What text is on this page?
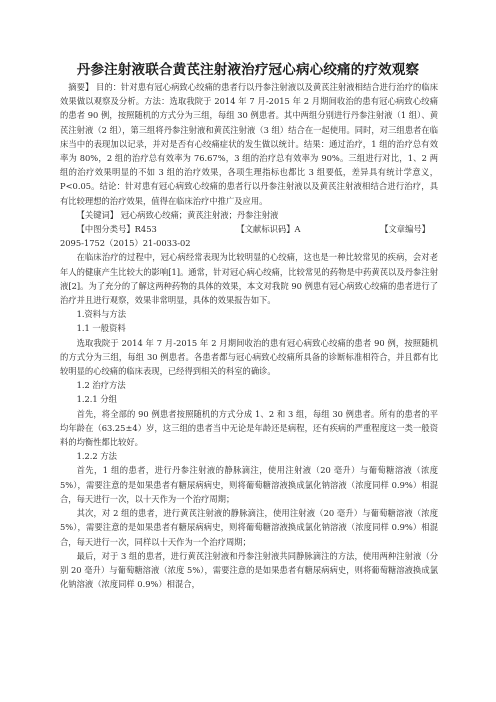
丹参注射液联合黄芪注射液治疗冠心病心绞痛的疗效观察

摘要】 目的：针对患有冠心病致心绞痛的患者行以丹参注射液以及黄芪注射液相结合进行治疗的临床效果做以观察及分析。方法：选取我院于 2014 年 7 月-2015 年 2 月期间收治的患有冠心病致心绞痛的患者 90 例，按照随机的方式分为三组，每组 30 例患者。其中两组分别进行丹参注射液（1 组）、黄芪注射液（2 组），第三组将丹参注射液和黄芪注射液（3 组）结合在一起使用。同时，对三组患者在临床当中的表现加以记录，并对是否有心绞痛症状的发生做以统计。结果：通过治疗，1 组的治疗总有效率为 80%，2 组的治疗总有效率为 76.67%，3 组的治疗总有效率为 90%。三组进行对比，1、2 两组的治疗效果明显的不如 3 组的治疗效果，各项生理指标也都比 3 组要低，差异具有统计学意义，P<0.05。结论：针对患有冠心病致心绞痛的患者行以丹参注射液以及黄芪注射液相结合进行治疗，具有比较理想的治疗效果，值得在临床治疗中推广及应用。

【关键词】 冠心病致心绞痛；黄芪注射液；丹参注射液

【中图分类号】R453	【文献标识码】A	【文章编号】

2095-1752（2015）21-0033-02

在临床治疗的过程中，冠心病经常表现为比较明显的心绞痛，这也是一种比较常见的疾病，会对老年人的健康产生比较大的影响[1]。通常，针对冠心病心绞痛，比较常见的药物是中药黄芪以及丹参注射液[2]。为了充分的了解这两种药物的具体的效果，本文对我院 90 例患有冠心病致心绞痛的患者进行了治疗并且进行观察，效果非常明显，具体的效果报告如下。

1.资料与方法

1.1 一般资料

选取我院于 2014 年 7 月-2015 年 2 月期间收治的患有冠心病致心绞痛的患者 90 例，按照随机的方式分为三组，每组 30 例患者。各患者都与冠心病致心绞痛所具备的诊断标准相符合，并且都有比较明显的心绞痛的临床表现，已经得到相关的科室的确诊。

1.2 治疗方法

1.2.1 分组

首先，将全部的 90 例患者按照随机的方式分成 1、2 和 3 组，每组 30 例患者。所有的患者的平均年龄在（63.25±4）岁，这三组的患者当中无论是年龄还是病程，还有疾病的严重程度这一类一般资料的均衡性都比较好。

1.2.2 方法

首先，1 组的患者，进行丹参注射液的静脉滴注，使用注射液（20 毫升）与葡萄糖溶液（浓度 5%），需要注意的是如果患者有糖尿病病史，则将葡萄糖溶液换成氯化钠溶液（浓度同样 0.9%）相混合，每天进行一次，以十天作为一个治疗周期；

其次，对 2 组的患者，进行黄芪注射液的静脉滴注，使用注射液（20 毫升）与葡萄糖溶液（浓度 5%），需要注意的是如果患者有糖尿病病史，则将葡萄糖溶液换成氯化钠溶液（浓度同样 0.9%）相混合，每天进行一次，同样以十天作为一个治疗周期；

最后，对于 3 组的患者，进行黄芪注射液和丹参注射液共同静脉滴注的方法，使用两种注射液（分别 20 毫升）与葡萄糖溶液（浓度 5%），需要注意的是如果患者有糖尿病病史，则将葡萄糖溶液换成氯化钠溶液（浓度同样 0.9%）相混合，
